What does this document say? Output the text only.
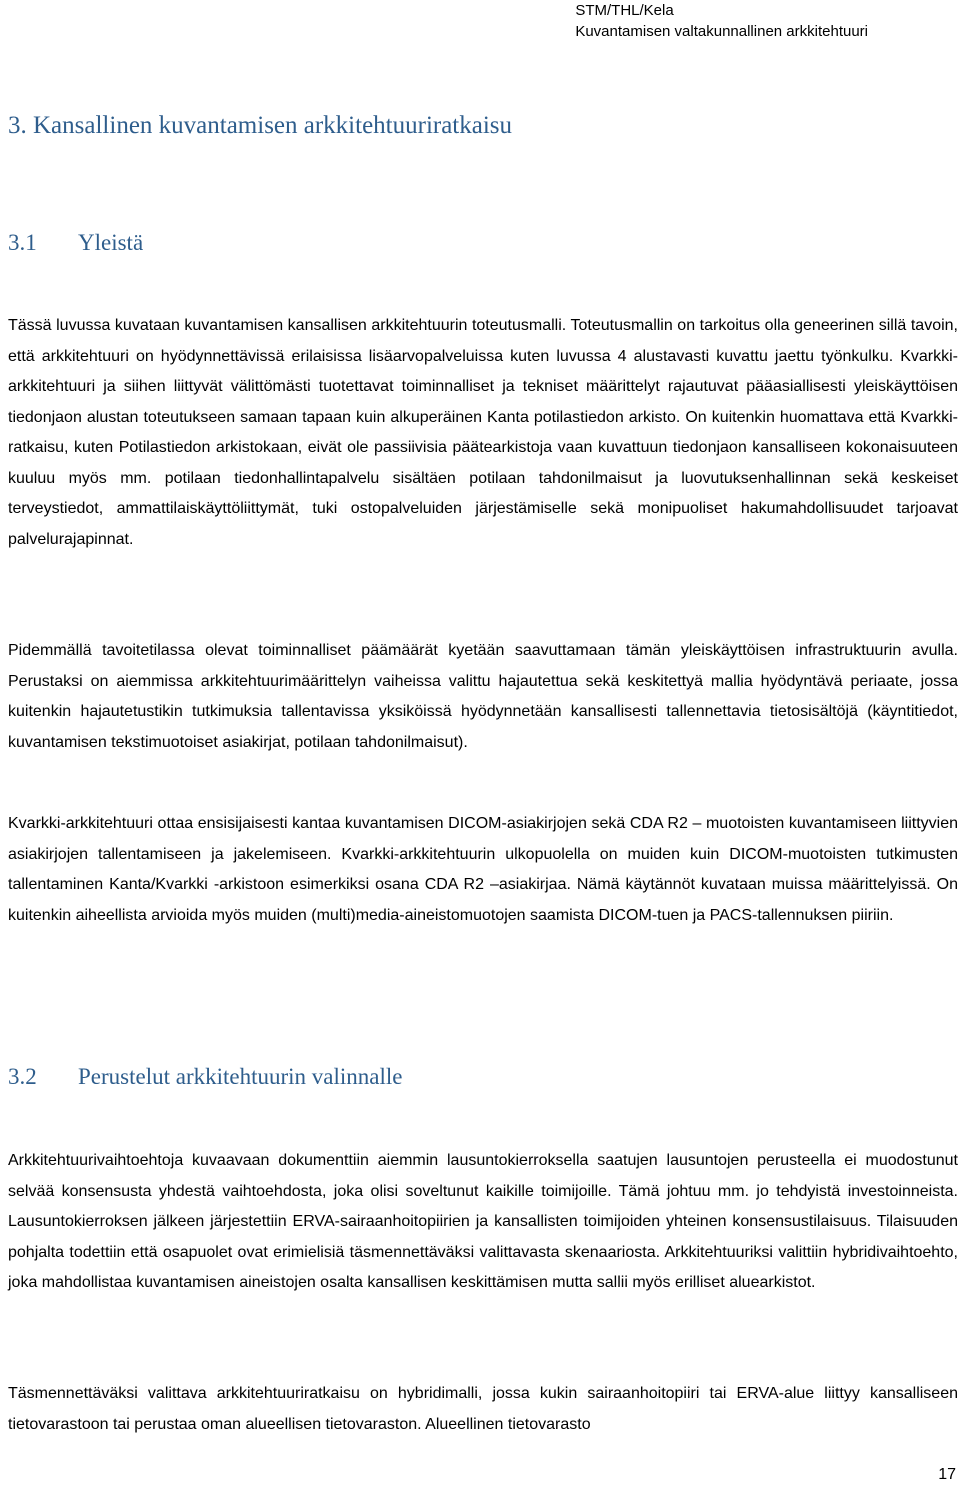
STM/THL/Kela
Kuvantamisen valtakunnallinen arkkitehtuuri
3. Kansallinen kuvantamisen arkkitehtuuriratkaisu
3.1 Yleistä

Tässä luvussa kuvataan kuvantamisen kansallisen arkkitehtuurin toteutusmalli. Toteutusmallin on tarkoitus olla geneerinen sillä tavoin, että arkkitehtuuri on hyödynnettävissä erilaisissa lisäarvopalveluissa kuten luvussa 4 alustavasti kuvattu jaettu työnkulku. Kvarkki-arkkitehtuuri ja siihen liittyvät välittömästi tuotettavat toiminnalliset ja tekniset määrittelyt rajautuvat pääasiallisesti yleiskäyttöisen tiedonjaon alustan toteutukseen samaan tapaan kuin alkuperäinen Kanta potilastiedon arkisto. On kuitenkin huomattava että Kvarkki-ratkaisu, kuten Potilastiedon arkistokaan, eivät ole passiivisia päätearkistoja vaan kuvattuun tiedonjaon kansalliseen kokonaisuuteen kuuluu myös mm. potilaan tiedonhallintapalvelu sisältäen potilaan tahdonilmaisut ja luovutuksenhallinnan sekä keskeiset terveystiedot, ammattilaiskäyttöliittymät, tuki ostopalveluiden järjestämiselle sekä monipuoliset hakumahdollisuudet tarjoavat palvelurajapinnat.

Pidemmällä tavoitetilassa olevat toiminnalliset päämäärät kyetään saavuttamaan tämän yleiskäyttöisen infrastruktuurin avulla. Perustaksi on aiemmissa arkkitehtuurimäärittelyn vaiheissa valittu hajautettua sekä keskitettyä mallia hyödyntävä periaate, jossa kuitenkin hajautetustikin tutkimuksia tallentavissa yksiköissä hyödynnetään kansallisesti tallennettavia tietosisältöjä (käyntitiedot, kuvantamisen tekstimuotoiset asiakirjat, potilaan tahdonilmaisut).

Kvarkki-arkkitehtuuri ottaa ensisijaisesti kantaa kuvantamisen DICOM-asiakirjojen sekä CDA R2 – muotoisten kuvantamiseen liittyvien asiakirjojen tallentamiseen ja jakelemiseen. Kvarkki-arkkitehtuurin ulkopuolella on muiden kuin DICOM-muotoisten tutkimusten tallentaminen Kanta/Kvarkki -arkistoon esimerkiksi osana CDA R2 –asiakirjaa. Nämä käytännöt kuvataan muissa määrittelyissä. On kuitenkin aiheellista arvioida myös muiden (multi)media-aineistomuotojen saamista DICOM-tuen ja PACS-tallennuksen piiriin.

3.2 Perustelut arkkitehtuurin valinnalle

Arkkitehtuurivaihtoehtoja kuvaavaan dokumenttiin aiemmin lausuntokierroksella saatujen lausuntojen perusteella ei muodostunut selvää konsensusta yhdestä vaihtoehdosta, joka olisi soveltunut kaikille toimijoille. Tämä johtuu mm. jo tehdyistä investoinneista. Lausuntokierroksen jälkeen järjestettiin ERVA-sairaanhoitopiirien ja kansallisten toimijoiden yhteinen konsensustilaisuus. Tilaisuuden pohjalta todettiin että osapuolet ovat erimielisiä täsmennettäväksi valittavasta skenaariosta. Arkkitehtuuriksi valittiin hybridivaihtoehto, joka mahdollistaa kuvantamisen aineistojen osalta kansallisen keskittämisen mutta sallii myös erilliset aluearkistot.

Täsmennettäväksi valittava arkkitehtuuriratkaisu on hybridimalli, jossa kukin sairaanhoitopiiri tai ERVA-alue liittyy kansalliseen tietovarastoon tai perustaa oman alueellisen tietovaraston. Alueellinen tietovarasto

17
